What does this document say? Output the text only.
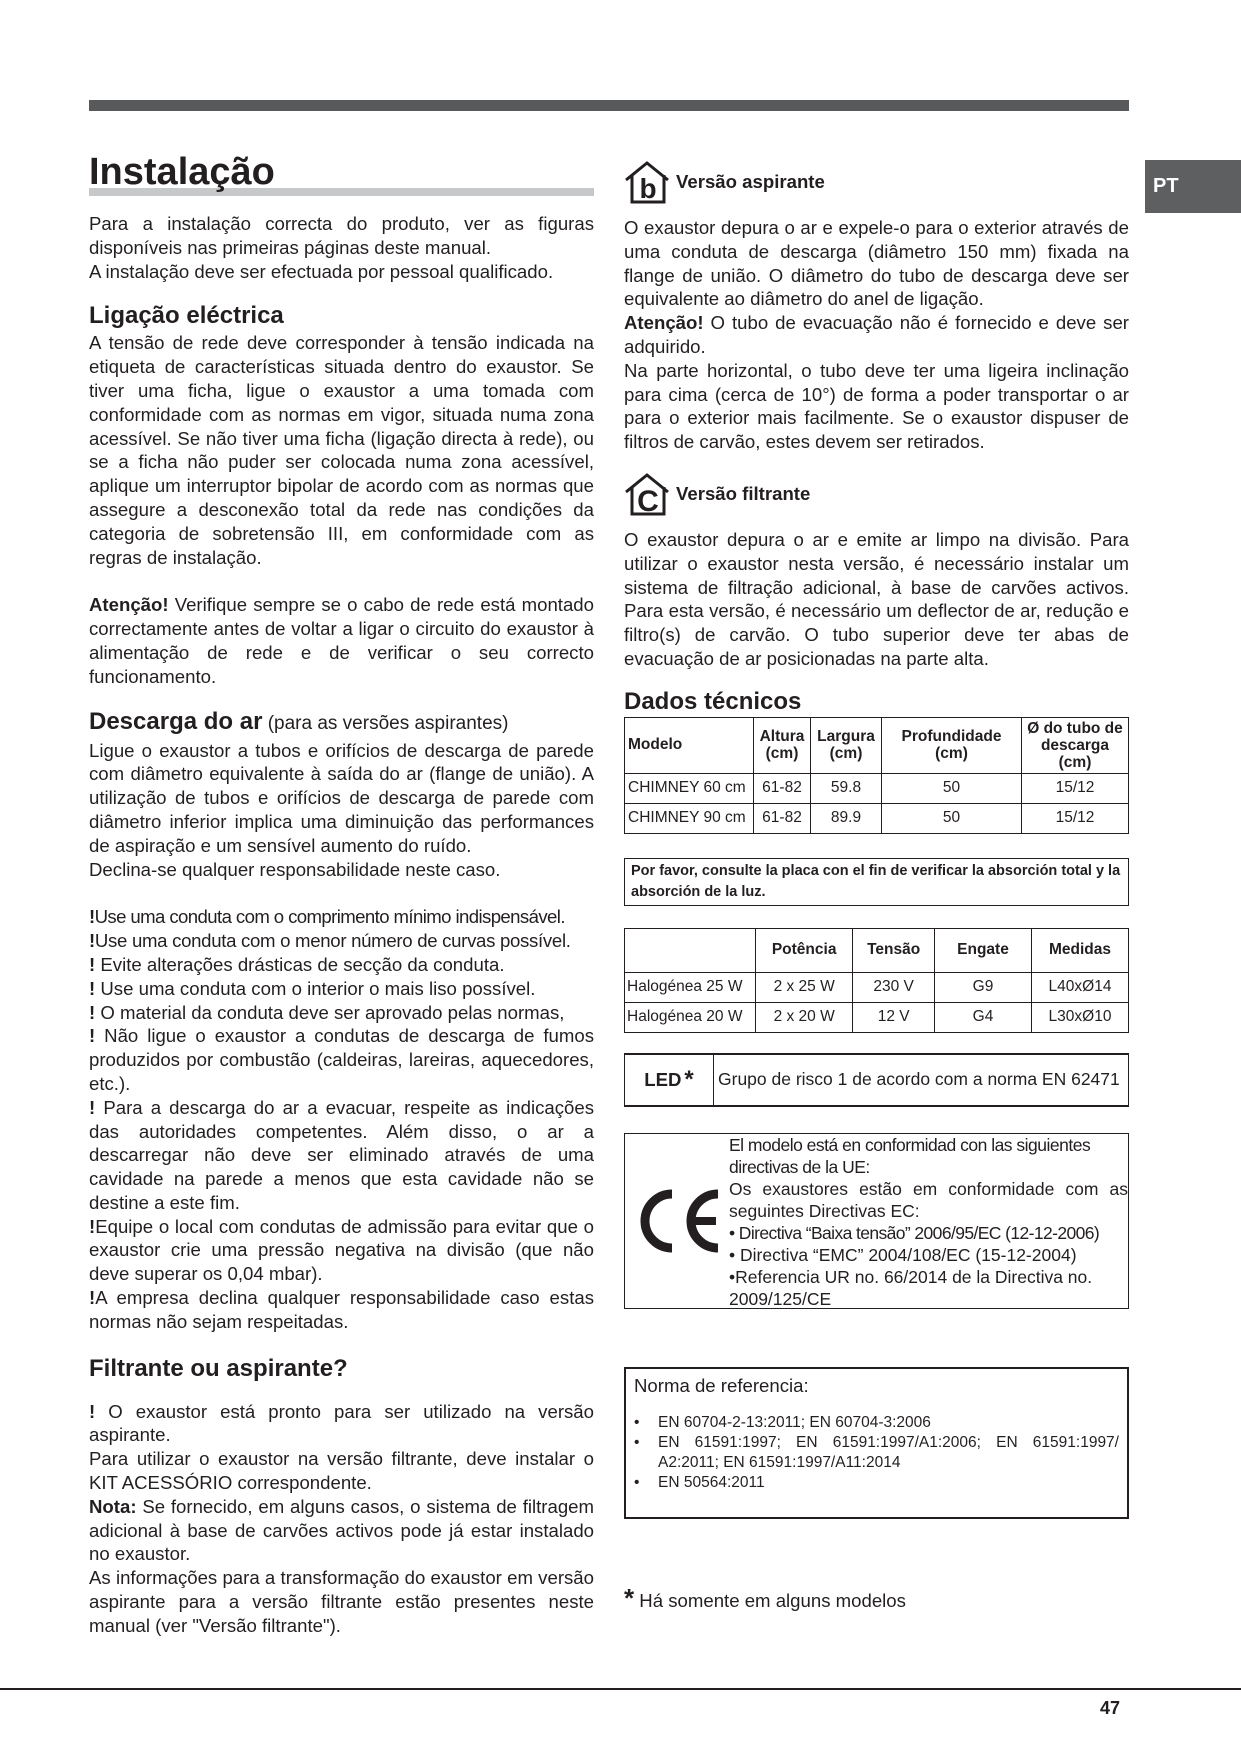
PT
Instalação

Para a instalação correcta do produto, ver as figuras disponíveis nas primeiras páginas deste manual.

A instalação deve ser efectuada por pessoal qualificado.

Ligação eléctrica

A tensão de rede deve corresponder à tensão indicada na etiqueta de características situada dentro do exaustor. Se tiver uma ficha, ligue o exaustor a uma tomada com conformidade com as normas em vigor, situada numa zona acessível. Se não tiver uma ficha (ligação directa à rede), ou se a ficha não puder ser colocada numa zona acessível, aplique um interruptor bipolar de acordo com as normas que assegure a desconexão total da rede nas condições da categoria de sobretensão III, em conformidade com as regras de instalação.

Atenção! Verifique sempre se o cabo de rede está montado correctamente antes de voltar a ligar o circuito do exaustor à alimentação de rede e de verificar o seu correcto funcionamento.

Descarga do ar (para as versões aspirantes)

Ligue o exaustor a tubos e orifícios de descarga de parede com diâmetro equivalente à saída do ar (flange de união). A utilização de tubos e orifícios de descarga de parede com diâmetro inferior implica uma diminuição das performances de aspiração e um sensível aumento do ruído.

Declina-se qualquer responsabilidade neste caso.

!Use uma conduta com o comprimento mínimo indispensável.

!Use uma conduta com o menor número de curvas possível.

! Evite alterações drásticas de secção da conduta.

! Use uma conduta com o interior o mais liso possível.

! O material da conduta deve ser aprovado pelas normas,

! Não ligue o exaustor a condutas de descarga de fumos produzidos por combustão (caldeiras, lareiras, aquecedores, etc.).

! Para a descarga do ar a evacuar, respeite as indicações das autoridades competentes. Além disso, o ar a descarregar não deve ser eliminado através de uma cavidade na parede a menos que esta cavidade não se destine a este fim.

!Equipe o local com condutas de admissão para evitar que o exaustor crie uma pressão negativa na divisão (que não deve superar os 0,04 mbar).

!A empresa declina qualquer responsabilidade caso estas normas não sejam respeitadas.

Filtrante ou aspirante?

! O exaustor está pronto para ser utilizado na versão aspirante.

Para utilizar o exaustor na versão filtrante, deve instalar o KIT ACESSÓRIO correspondente.

Nota: Se fornecido, em alguns casos, o sistema de filtragem adicional à base de carvões activos pode já estar instalado no exaustor.

As informações para a transformação do exaustor em versão aspirante para a versão filtrante estão presentes neste manual (ver "Versão filtrante").

b Versão aspirante

O exaustor depura o ar e expele-o para o exterior através de uma conduta de descarga (diâmetro 150 mm) fixada na flange de união. O diâmetro do tubo de descarga deve ser equivalente ao diâmetro do anel de ligação.

Atenção! O tubo de evacuação não é fornecido e deve ser adquirido.

Na parte horizontal, o tubo deve ter uma ligeira inclinação para cima (cerca de 10°) de forma a poder transportar o ar para o exterior mais facilmente. Se o exaustor dispuser de filtros de carvão, estes devem ser retirados.

C Versão filtrante

O exaustor depura o ar e emite ar limpo na divisão. Para utilizar o exaustor nesta versão, é necessário instalar um sistema de filtração adicional, à base de carvões activos. Para esta versão, é necessário um deflector de ar, redução e filtro(s) de carvão. O tubo superior deve ter abas de evacuação de ar posicionadas na parte alta.

Dados técnicos
Modelo	Altura (cm)	Largura (cm)	Profundidade (cm)	Ø do tubo de descarga (cm)
CHIMNEY 60 cm	61-82	59.8	50	15/12
CHIMNEY 90 cm	61-82	89.9	50	15/12
Por favor, consulte la placa con el fin de verificar la absorción total y la absorción de la luz.
	Potência	Tensão	Engate	Medidas
Halogénea 25 W	2 x 25 W	230 V	G9	L40xØ14
Halogénea 20 W	2 x 20 W	12 V	G4	L30xØ10
LED * Grupo de risco 1 de acordo com a norma EN 62471

El modelo está en conformidad con las siguientes directivas de la UE:

Os exaustores estão em conformidade com as seguintes Directivas EC:

• Directiva “Baixa tensão” 2006/95/EC (12-12-2006)

• Directiva “EMC” 2004/108/EC (15-12-2004)

•Referencia UR no. 66/2014 de la Directiva no. 2009/125/CE

Norma de referencia:
•	EN 60704-2-13:2011; EN 60704-3:2006
•	EN 61591:1997; EN 61591:1997/A1:2006; EN 61591:1997/ A2:2011; EN 61591:1997/A11:2014
•	EN 50564:2011

* Há somente em alguns modelos

47
